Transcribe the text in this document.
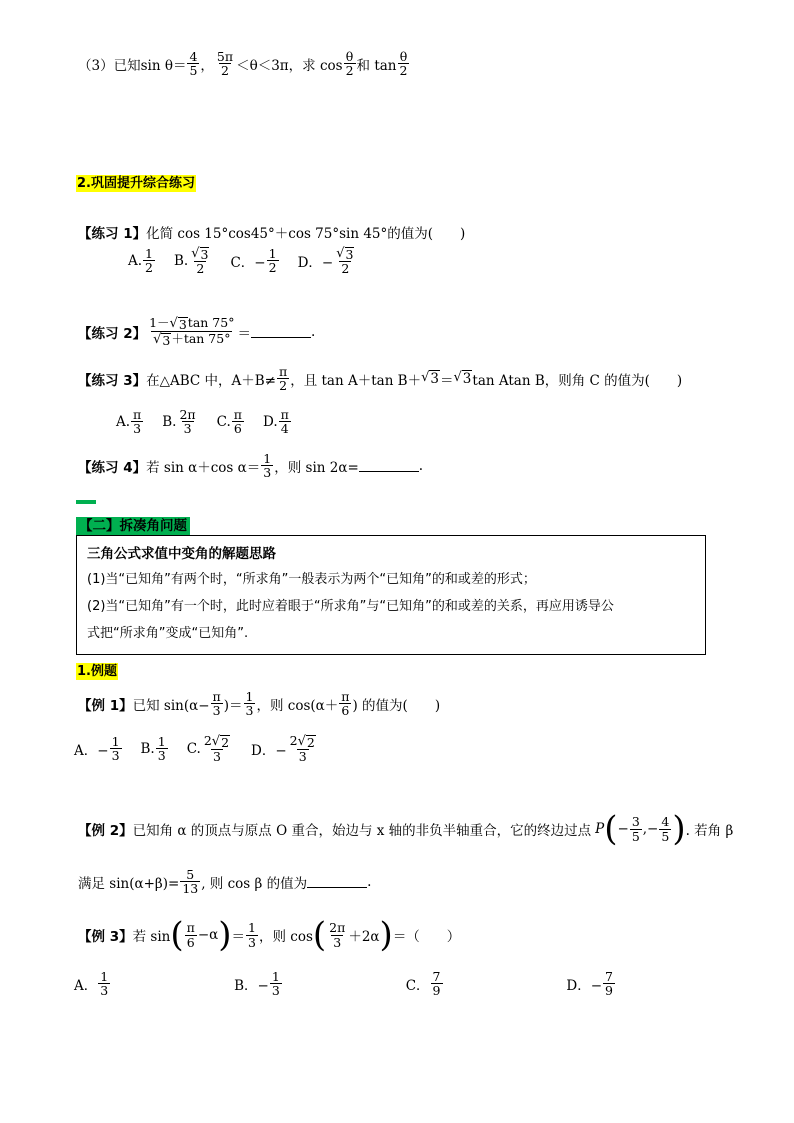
（3）已知 $\sin \theta= \frac{4}{5}$ ， $\frac{5\pi}{2} <\theta<3\pi$，求 $\cos \frac{\theta}{2}$ 和 $\tan \frac{\theta}{2}$
2.巩固提升综合练习
【练习 1】 化简 cos 15°cos45°＋cos 75°sin 45°的值为(　　)
A. $\frac{1}{2} B$. $\frac{√ 3}{2}$ C．− $\frac{1}{2}$ D．− $\frac{√ 3}{2}$
【练习 2】 $\frac{1- √ 3 \tan 75^\circ}{√ 3 +\tan 75^\circ}$ ＝	.
【练习 3】 在△ABC 中，$A+B\ne \frac{\pi}{2}$ ，且 tan A＋tan B＋ √ 3 ＝ √ 3 tan Atan B，则角 C 的值为(　　)
A. $\frac{\pi}{3} B$. $\frac{2\pi}{3} C$. $\frac{\pi}{6} D$. $\frac{\pi}{4}$
【练习 4】 若 sin α＋cos $\alpha= \frac{1}{3}$ ，则 sin 2α=	.
【二】拆凑角问题
三角公式求值中变角的解题思路

(1)当“已知角”有两个时，“所求角”一般表示为两个“已知角”的和或差的形式；

(2)当“已知角”有一个时，此时应着眼于“所求角”与“已知角”的和或差的关系，再应用诱导公

式把“所求角”变成“已知角”.

1.例题
【例 1】 已知 $\sin(\alpha- \frac{\pi}{3}$ )＝ $\frac{1}{3}$ ，则 $\cos(\alpha+ \frac{\pi}{6}$ ) 的值为(　　)
A．− $\frac{1}{3} B$. $\frac{1}{3} C$. $\frac{2 √ 2}{3}$ D．− $\frac{2 √ 2}{3}$
【例 2】 已知角 α 的顶点与原点 O 重合，始边与 x 轴的非负半轴重合，它的终边过点 P ( − $\frac{3}{5}$ ,− $\frac{4}{5}$ ) . 若角 β
满足 $\sin(\alpha+\beta)= \frac{5}{13}$ , 则 cos β 的值为	.
【例 3】 若 sin ( $\frac{\pi}{6} -\alpha$ ) ＝ $\frac{1}{3}$ ，则 cos ( $\frac{2\pi}{3} +2\alpha$ ) ＝（　　）
A． $\frac{1}{3}$	B．− $\frac{1}{3}$	C． $\frac{7}{9}$	D．− $\frac{7}{9}$
